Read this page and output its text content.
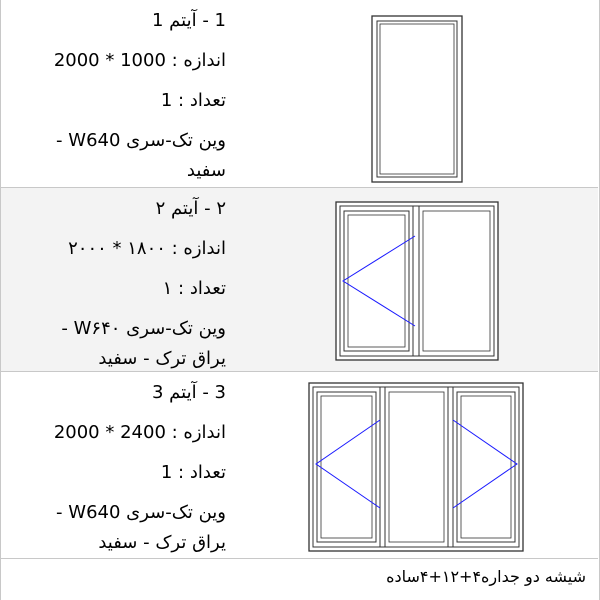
1 - آیتم 1
اندازه : 1000 * 2000
تعداد : 1
وین تک-سری W640 -
سفید
۲ - آیتم ۲
اندازه : ۱۸۰۰ * ۲۰۰۰
تعداد : ۱
وین تک-سری W۶۴۰ -
یراق ترک - سفید
3 - آیتم 3
اندازه : 2400 * 2000
تعداد : 1
وین تک-سری W640 -
یراق ترک - سفید
شیشه دو جداره۴+۱۲+۴ساده
